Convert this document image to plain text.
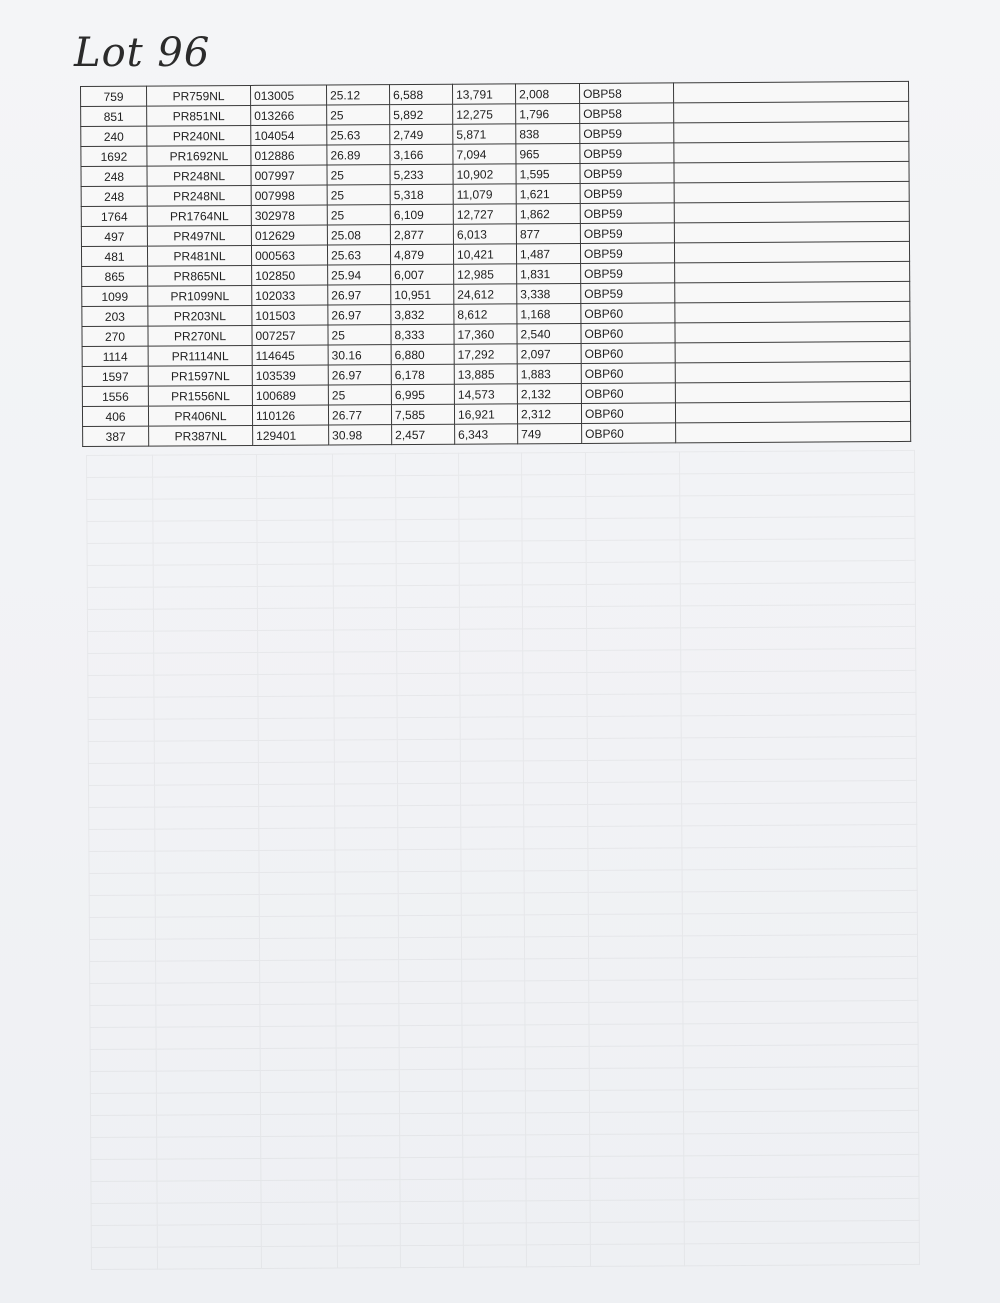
Lot 96
759	PR759NL	013005	25.12	6,588	13,791	2,008	OBP58	
851	PR851NL	013266	25	5,892	12,275	1,796	OBP58	
240	PR240NL	104054	25.63	2,749	5,871	838	OBP59	
1692	PR1692NL	012886	26.89	3,166	7,094	965	OBP59	
248	PR248NL	007997	25	5,233	10,902	1,595	OBP59	
248	PR248NL	007998	25	5,318	11,079	1,621	OBP59	
1764	PR1764NL	302978	25	6,109	12,727	1,862	OBP59	
497	PR497NL	012629	25.08	2,877	6,013	877	OBP59	
481	PR481NL	000563	25.63	4,879	10,421	1,487	OBP59	
865	PR865NL	102850	25.94	6,007	12,985	1,831	OBP59	
1099	PR1099NL	102033	26.97	10,951	24,612	3,338	OBP59	
203	PR203NL	101503	26.97	3,832	8,612	1,168	OBP60	
270	PR270NL	007257	25	8,333	17,360	2,540	OBP60	
1114	PR1114NL	114645	30.16	6,880	17,292	2,097	OBP60	
1597	PR1597NL	103539	26.97	6,178	13,885	1,883	OBP60	
1556	PR1556NL	100689	25	6,995	14,573	2,132	OBP60	
406	PR406NL	110126	26.77	7,585	16,921	2,312	OBP60	
387	PR387NL	129401	30.98	2,457	6,343	749	OBP60	
